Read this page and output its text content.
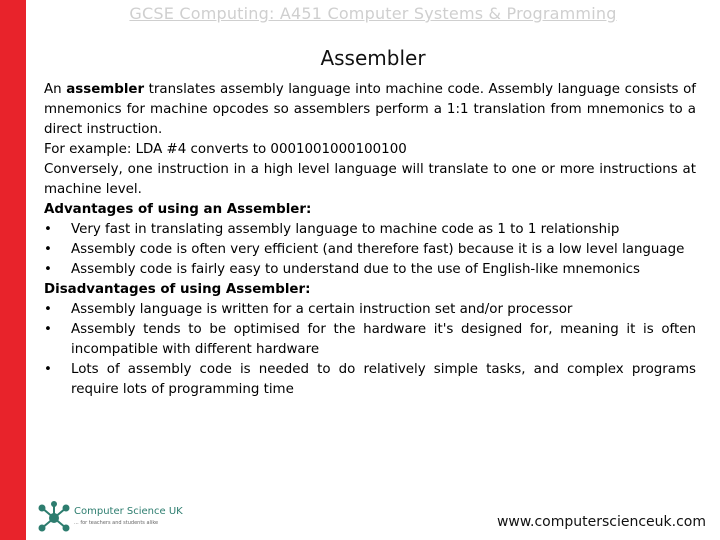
GCSE Computing: A451 Computer Systems & Programming
Assembler
An assembler translates assembly language into machine code. Assembly language consists of mnemonics for machine opcodes so assemblers perform a 1:1 translation from mnemonics to a direct instruction.
For example: LDA #4 converts to 0001001000100100
Conversely, one instruction in a high level language will translate to one or more instructions at machine level.
Advantages of using an Assembler:
• Very fast in translating assembly language to machine code as 1 to 1 relationship
• Assembly code is often very efficient (and therefore fast) because it is a low level language
• Assembly code is fairly easy to understand due to the use of English-like mnemonics
Disadvantages of using Assembler:
• Assembly language is written for a certain instruction set and/or processor
• Assembly tends to be optimised for the hardware it's designed for, meaning it is often incompatible with different hardware
• Lots of assembly code is needed to do relatively simple tasks, and complex programs require lots of programming time
Computer Science UK
... for teachers and students alike	www.computerscienceuk.com
